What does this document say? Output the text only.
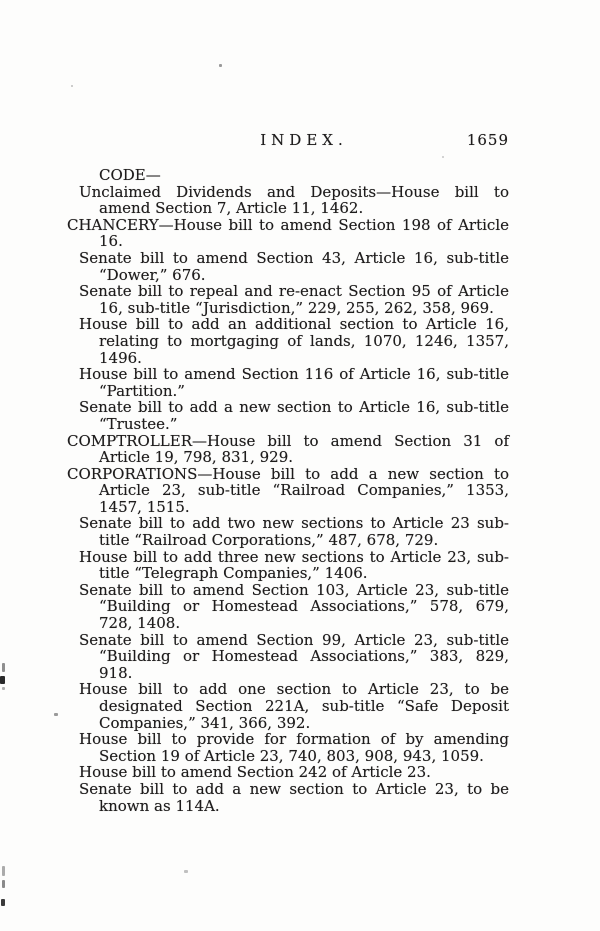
INDEX.	1659

CODE—

Unclaimed Dividends and Deposits—House bill to amend Section 7, Article 11, 1462.

CHANCERY—House bill to amend Section 198 of Article 16.

Senate bill to amend Section 43, Article 16, sub-title “Dower,” 676.

Senate bill to repeal and re-enact Section 95 of Article 16, sub-title “Jurisdiction,” 229, 255, 262, 358, 969.

House bill to add an additional section to Article 16, relating to mortgaging of lands, 1070, 1246, 1357, 1496.

House bill to amend Section 116 of Article 16, sub-title “Partition.”

Senate bill to add a new section to Article 16, sub-title “Trustee.”

COMPTROLLER—House bill to amend Section 31 of Article 19, 798, 831, 929.

CORPORATIONS—House bill to add a new section to Article 23, sub-title “Railroad Companies,” 1353, 1457, 1515.

Senate bill to add two new sections to Article 23 sub-title “Railroad Corporations,” 487, 678, 729.

House bill to add three new sections to Article 23, sub-title “Telegraph Companies,” 1406.

Senate bill to amend Section 103, Article 23, sub-title “Building or Homestead Associations,” 578, 679, 728, 1408.

Senate bill to amend Section 99, Article 23, sub-title “Building or Homestead Associations,” 383, 829, 918.

House bill to add one section to Article 23, to be designated Section 221A, sub-title “Safe Deposit Companies,” 341, 366, 392.

House bill to provide for formation of by amending Section 19 of Article 23, 740, 803, 908, 943, 1059.

House bill to amend Section 242 of Article 23.

Senate bill to add a new section to Article 23, to be known as 114A.
